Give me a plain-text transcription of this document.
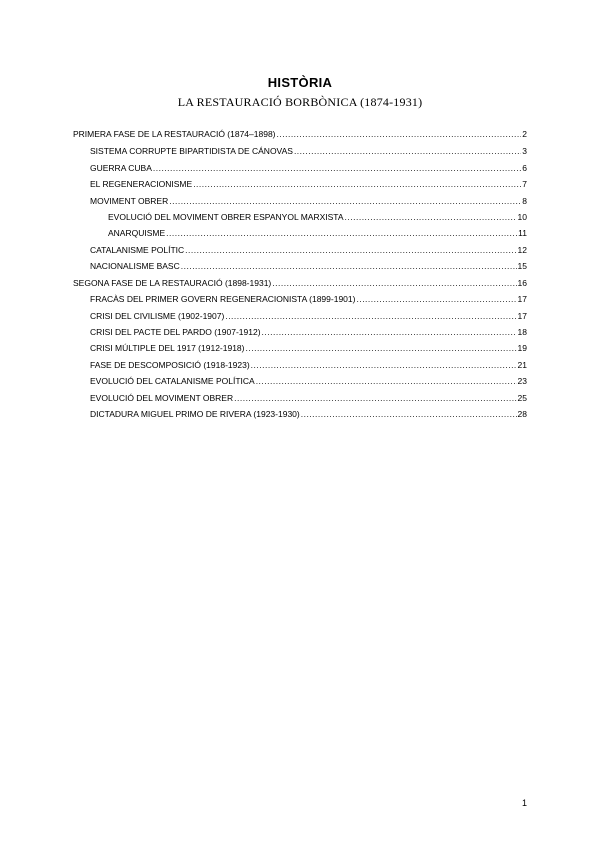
HISTÒRIA
LA RESTAURACIÓ BORBÒNICA (1874-1931)
PRIMERA FASE DE LA RESTAURACIÓ (1874–1898) .....	2
SISTEMA CORRUPTE BIPARTIDISTA DE CÁNOVAS .....	3
GUERRA CUBA .....	6
EL REGENERACIONISME .....	7
MOVIMENT OBRER .....	8
EVOLUCIÓ DEL MOVIMENT OBRER ESPANYOL MARXISTA .....	10
ANARQUISME .....	11
CATALANISME POLÍTIC .....	12
NACIONALISME BASC .....	15
SEGONA FASE DE LA RESTAURACIÓ (1898-1931) .....	16
FRACÀS DEL PRIMER GOVERN REGENERACIONISTA (1899-1901) .....	17
CRISI DEL CIVILISME (1902-1907) .....	17
CRISI DEL PACTE DEL PARDO (1907-1912) .....	18
CRISI MÚLTIPLE DEL 1917 (1912-1918) .....	19
FASE DE DESCOMPOSICIÓ (1918-1923) .....	21
EVOLUCIÓ DEL CATALANISME POLÍTICA .....	23
EVOLUCIÓ DEL MOVIMENT OBRER .....	25
DICTADURA MIGUEL PRIMO DE RIVERA (1923-1930) .....	28
1
